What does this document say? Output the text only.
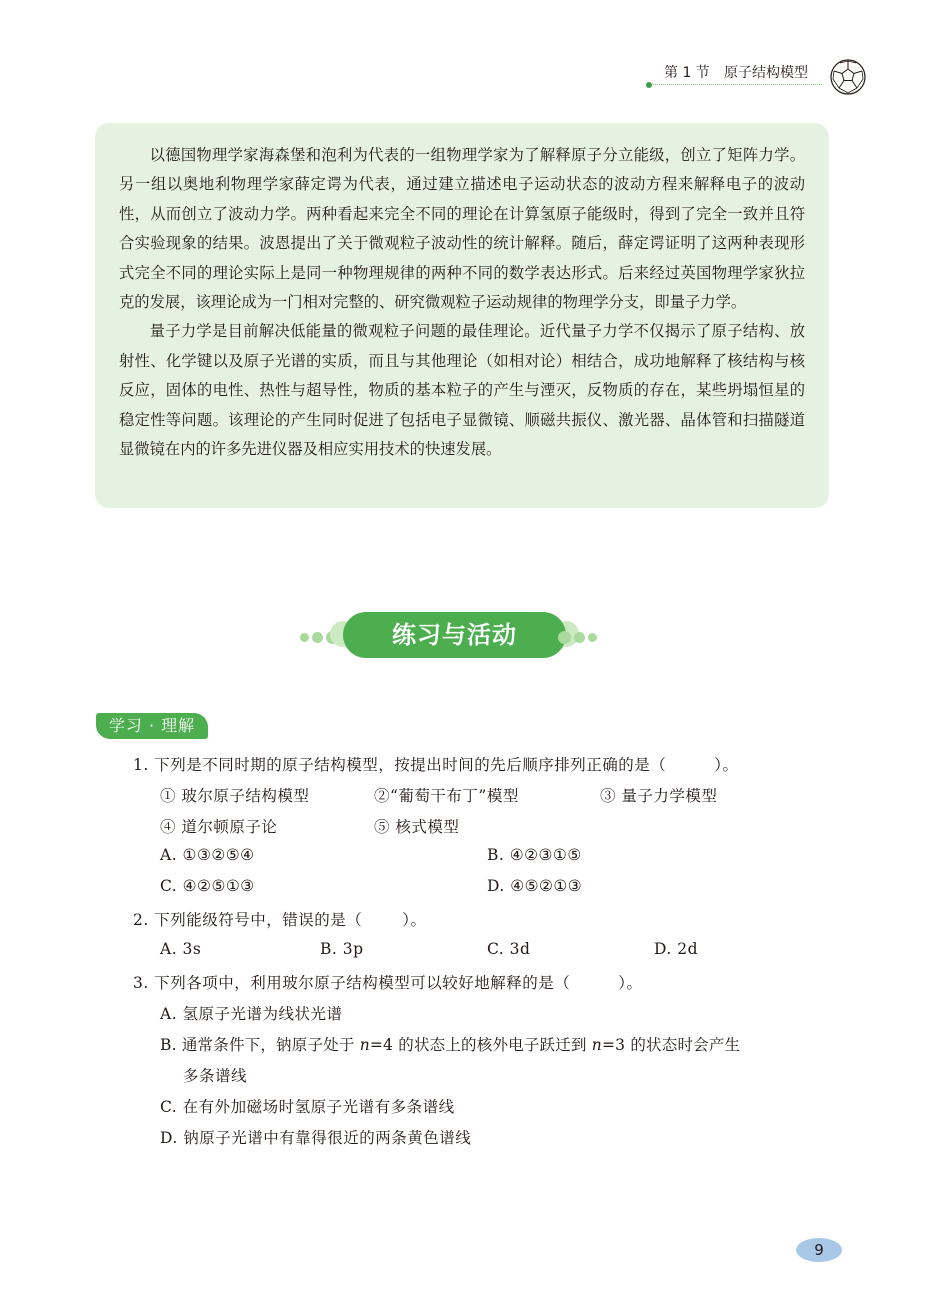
第 1 节 原子结构模型

以德国物理学家海森堡和泡利为代表的一组物理学家为了解释原子分立能级，创立了矩阵力学。另一组以奥地利物理学家薛定谔为代表，通过建立描述电子运动状态的波动方程来解释电子的波动性，从而创立了波动力学。两种看起来完全不同的理论在计算氢原子能级时，得到了完全一致并且符合实验现象的结果。波恩提出了关于微观粒子波动性的统计解释。随后，薛定谔证明了这两种表现形式完全不同的理论实际上是同一种物理规律的两种不同的数学表达形式。后来经过英国物理学家狄拉克的发展，该理论成为一门相对完整的、研究微观粒子运动规律的物理学分支，即量子力学。

量子力学是目前解决低能量的微观粒子问题的最佳理论。近代量子力学不仅揭示了原子结构、放射性、化学键以及原子光谱的实质，而且与其他理论（如相对论）相结合，成功地解释了核结构与核反应，固体的电性、热性与超导性，物质的基本粒子的产生与湮灭，反物质的存在，某些坍塌恒星的稳定性等问题。该理论的产生同时促进了包括电子显微镜、顺磁共振仪、激光器、晶体管和扫描隧道显微镜在内的许多先进仪器及相应实用技术的快速发展。

练习与活动
学习 · 理解
1. 下列是不同时期的原子结构模型，按提出时间的先后顺序排列正确的是（	）。
① 玻尔原子结构模型	②“葡萄干布丁”模型	③ 量子力学模型
④ 道尔顿原子论	⑤ 核式模型
A. ①③②⑤④	B. ④②③①⑤
C. ④②⑤①③	D. ④⑤②①③
2. 下列能级符号中，错误的是（	）。
A. 3s	B. 3p	C. 3d	D. 2d
3. 下列各项中，利用玻尔原子结构模型可以较好地解释的是（	）。
A. 氢原子光谱为线状光谱
B. 通常条件下，钠原子处于 n=4 的状态上的核外电子跃迁到 n=3 的状态时会产生
多条谱线
C. 在有外加磁场时氢原子光谱有多条谱线
D. 钠原子光谱中有靠得很近的两条黄色谱线
9
